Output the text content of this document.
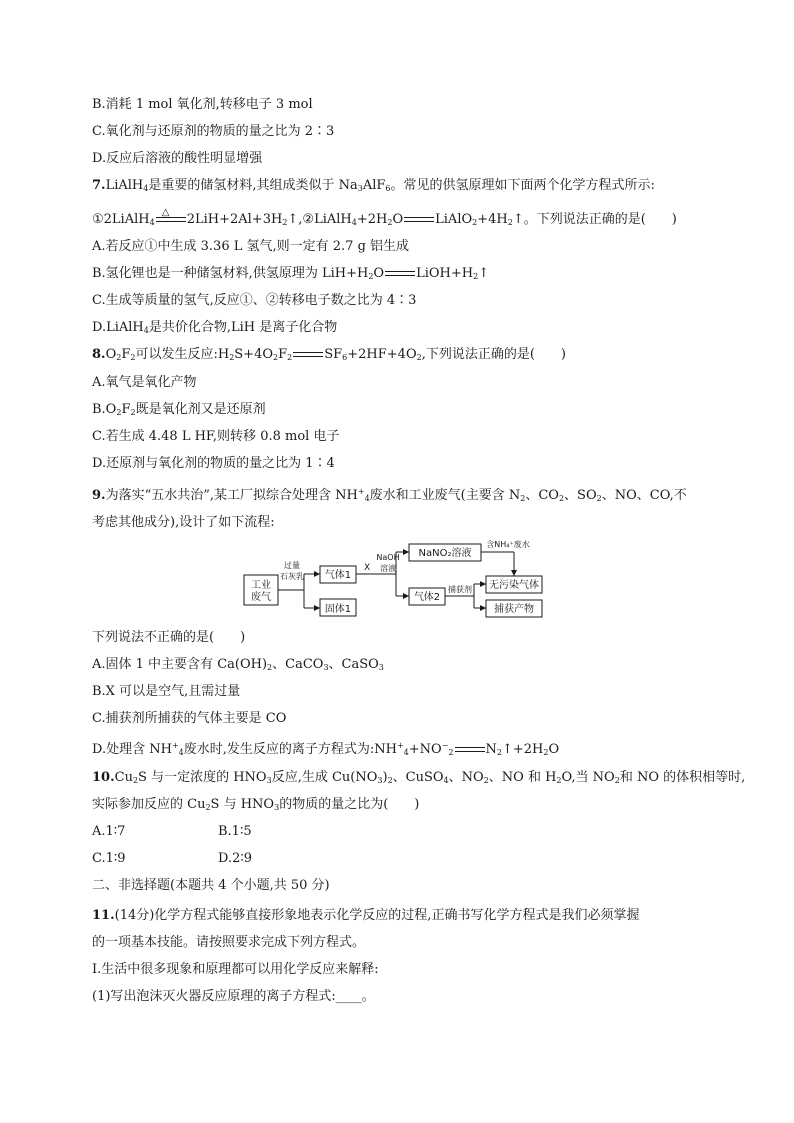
B.消耗 1 mol 氧化剂,转移电子 3 mol
C.氧化剂与还原剂的物质的量之比为 2∶3
D.反应后溶液的酸性明显增强
7.LiAlH$_4$是重要的储氢材料,其组成类似于 $Na_3AlF_6$。常见的供氢原理如下面两个化学方程式所示:
①2LiAlH$_4$
△ $2LiH+2Al+3H_2↑,②LiAlH_4+2H_2O$ $LiAlO_2+4H_2↑$。下列说法正确的是(　　)
A.若反应①中生成 3.36 L 氢气,则一定有 2.7 g 铝生成
B.氢化锂也是一种储氢材料,供氢原理为 $LiH+H_2O$ $LiOH+H_2↑$
C.生成等质量的氢气,反应①、②转移电子数之比为 4∶3
D.LiAlH$_4$是共价化合物,LiH 是离子化合物
$8.O_2F_2$可以发生反应$:H_2S+4O_2F_2$ $SF_6+2HF+4O_2$,下列说法正确的是(　　)
A.氧气是氧化产物
$B.O_2F_2$既是氧化剂又是还原剂
C.若生成 4.48 L HF,则转移 0.8 mol 电子
D.还原剂与氧化剂的物质的量之比为 1∶4
9.为落实“五水共治”,某工厂拟综合处理含 $NH^+_4$废水和工业废气(主要含 $N_2$、$CO_2$、$SO_2$、NO、CO,不
考虑其他成分),设计了如下流程:
工业
废气
过量
石灰乳 气体1
固体1
X
NaOH
溶液
NaNO₂溶液
含NH₄⁺废水
气体2
捕获剂 无污染气体
捕获产物
下列说法不正确的是(　　)
A.固体 1 中主要含有 $Ca(OH)_2$、CaCO$_3$、CaSO$_3$
B.X 可以是空气,且需过量
C.捕获剂所捕获的气体主要是 CO
D.处理含 $NH^+_4$废水时,发生反应的离子方程式为$:NH^+_4+NO^-_2$ $N_2↑+2H_2O$
$10.Cu_2S$ 与一定浓度的 $HNO_3$反应,生成 $Cu(NO_3)_2$、CuSO$_4$、$NO_2$、NO 和 $H_2O$,当 $NO_2$和 NO 的体积相等时,
实际参加反应的 $Cu_2S$ 与 $HNO_3$的物质的量之比为(　　)
A.1∶7	B.1∶5
C.1∶9	D.2∶9
二、非选择题(本题共 4 个小题,共 50 分)
11.(14分)化学方程式能够直接形象地表示化学反应的过程,正确书写化学方程式是我们必须掌握
的一项基本技能。请按照要求完成下列方程式。
Ⅰ.生活中很多现象和原理都可以用化学反应来解释:
(1)写出泡沫灭火器反应原理的离子方程式:____。
